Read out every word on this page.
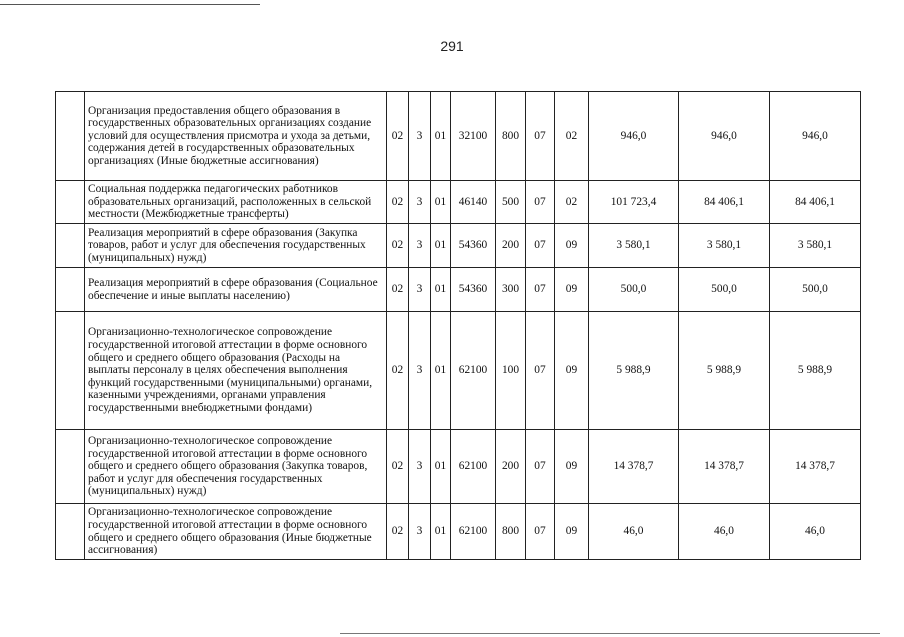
291
	Организация предоставления общего образования в государственных образовательных организациях создание условий для осуществления присмотра и ухода за детьми, содержания детей в государственных образовательных организациях (Иные бюджетные ассигнования)	02	3	01	32100	800	07	02	946,0	946,0	946,0
	Социальная поддержка педагогических работников образовательных организаций, расположенных в сельской местности (Межбюджетные трансферты)	02	3	01	46140	500	07	02	101 723,4	84 406,1	84 406,1
	Реализация мероприятий в сфере образования (Закупка товаров, работ и услуг для обеспечения государственных (муниципальных) нужд)	02	3	01	54360	200	07	09	3 580,1	3 580,1	3 580,1
	Реализация мероприятий в сфере образования (Социальное обеспечение и иные выплаты населению)	02	3	01	54360	300	07	09	500,0	500,0	500,0
	Организационно-технологическое сопровождение государственной итоговой аттестации в форме основного общего и среднего общего образования (Расходы на выплаты персоналу в целях обеспечения выполнения функций государственными (муниципальными) органами, казенными учреждениями, органами управления государственными внебюджетными фондами)	02	3	01	62100	100	07	09	5 988,9	5 988,9	5 988,9
	Организационно-технологическое сопровождение государственной итоговой аттестации в форме основного общего и среднего общего образования (Закупка товаров, работ и услуг для обеспечения государственных (муниципальных) нужд)	02	3	01	62100	200	07	09	14 378,7	14 378,7	14 378,7
	Организационно-технологическое сопровождение государственной итоговой аттестации в форме основного общего и среднего общего образования (Иные бюджетные ассигнования)	02	3	01	62100	800	07	09	46,0	46,0	46,0
